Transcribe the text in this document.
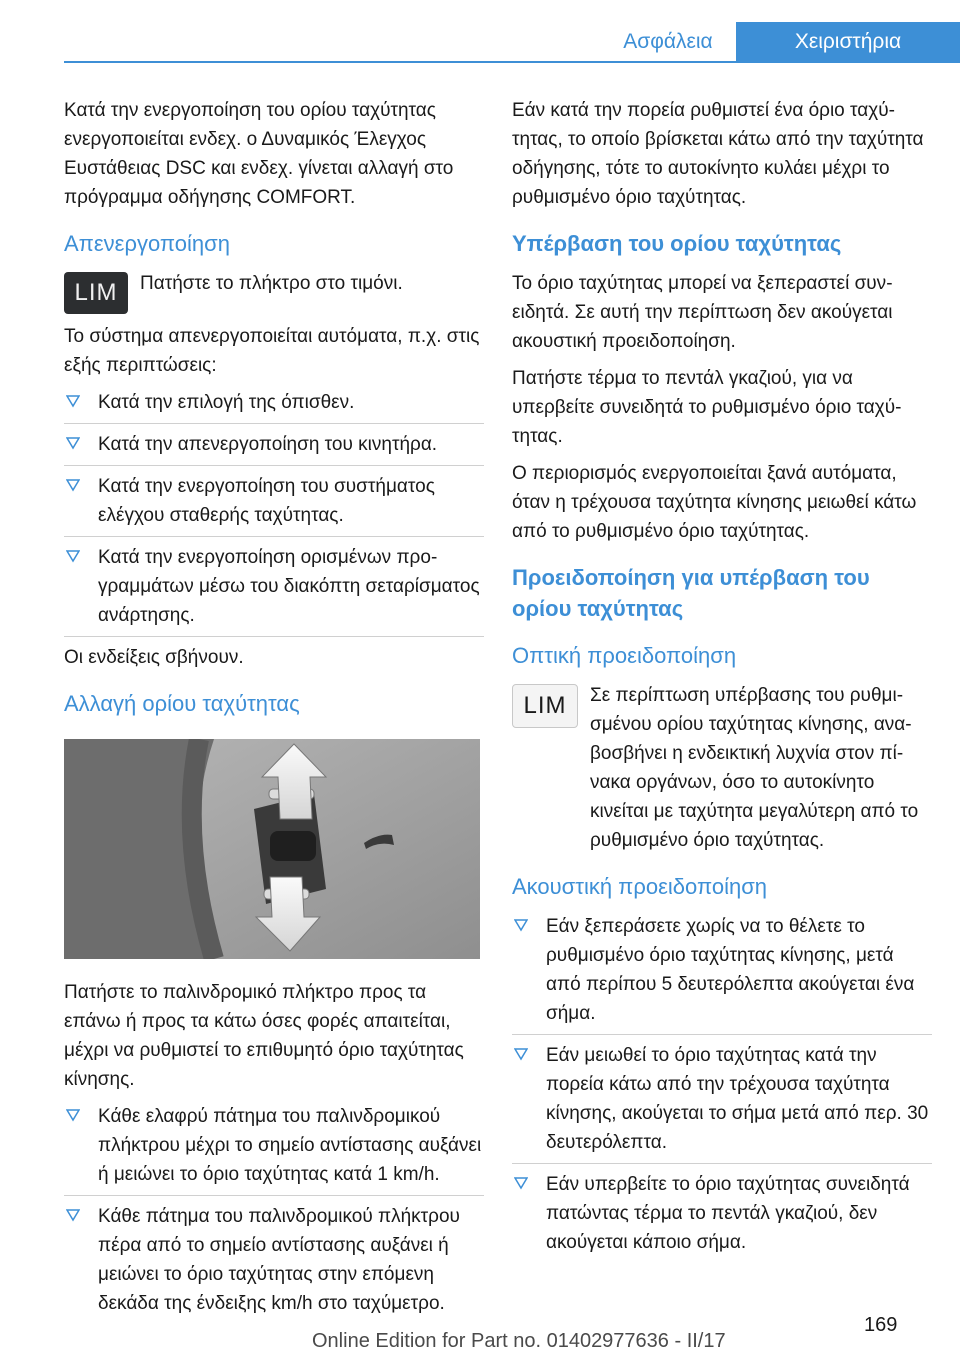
Ασφάλεια	Χειριστήρια

Κατά την ενεργοποίηση του ορίου ταχύτητας ενεργοποιείται ενδεχ. ο Δυναμικός Έλεγχος Ευστάθειας DSC και ενδεχ. γίνεται αλλαγή στο πρόγραμμα οδήγησης COMFORT.

Απενεργοποίηση
LIM	Πατήστε το πλήκτρο στο τιμόνι.

Το σύστημα απενεργοποιείται αυτόματα, π.χ. στις εξής περιπτώσεις:

Κατά την επιλογή της όπισθεν.
Κατά την απενεργοποίηση του κινητήρα.
Κατά την ενεργοποίηση του συστήματος ελέγχου σταθερής ταχύτητας.
Κατά την ενεργοποίηση ορισμένων προγραμμάτων μέσω του διακόπτη σεταρίσματος ανάρτησης.

Οι ενδείξεις σβήνουν.

Αλλαγή ορίου ταχύτητας

Πατήστε το παλινδρομικό πλήκτρο προς τα επάνω ή προς τα κάτω όσες φορές απαιτείται, μέχρι να ρυθμιστεί το επιθυμητό όριο ταχύτητας κίνησης.

Κάθε ελαφρύ πάτημα του παλινδρομικού πλήκτρου μέχρι το σημείο αντίστασης αυξάνει ή μειώνει το όριο ταχύτητας κατά 1 km/h.
Κάθε πάτημα του παλινδρομικού πλήκτρου πέρα από το σημείο αντίστασης αυξάνει ή μειώνει το όριο ταχύτητας στην επόμενη δεκάδα της ένδειξης km/h στο ταχύμετρο.

Εάν κατά την πορεία ρυθμιστεί ένα όριο ταχύτητας, το οποίο βρίσκεται κάτω από την ταχύτητα οδήγησης, τότε το αυτοκίνητο κυλάει μέχρι το ρυθμισμένο όριο ταχύτητας.

Υπέρβαση του ορίου ταχύτητας

Το όριο ταχύτητας μπορεί να ξεπεραστεί συνειδητά. Σε αυτή την περίπτωση δεν ακούγεται ακουστική προειδοποίηση.

Πατήστε τέρμα το πεντάλ γκαζιού, για να υπερβείτε συνειδητά το ρυθμισμένο όριο ταχύτητας.

Ο περιορισμός ενεργοποιείται ξανά αυτόματα, όταν η τρέχουσα ταχύτητα κίνησης μειωθεί κάτω από το ρυθμισμένο όριο ταχύτητας.

Προειδοποίηση για υπέρβαση του ορίου ταχύτητας
Οπτική προειδοποίηση
LIM	Σε περίπτωση υπέρβασης του ρυθμισμένου ορίου ταχύτητας κίνησης, αναβοσβήνει η ενδεικτική λυχνία στον πίνακα οργάνων, όσο το αυτοκίνητο κινείται με ταχύτητα μεγαλύτερη από το ρυθμισμένο όριο ταχύτητας.

Ακουστική προειδοποίηση
Εάν ξεπεράσετε χωρίς να το θέλετε το ρυθμισμένο όριο ταχύτητας κίνησης, μετά από περίπου 5 δευτερόλεπτα ακούγεται ένα σήμα.
Εάν μειωθεί το όριο ταχύτητας κατά την πορεία κάτω από την τρέχουσα ταχύτητα κίνησης, ακούγεται το σήμα μετά από περ. 30 δευτερόλεπτα.
Εάν υπερβείτε το όριο ταχύτητας συνειδητά πατώντας τέρμα το πεντάλ γκαζιού, δεν ακούγεται κάποιο σήμα.
169
Online Edition for Part no. 01402977636 - II/17
